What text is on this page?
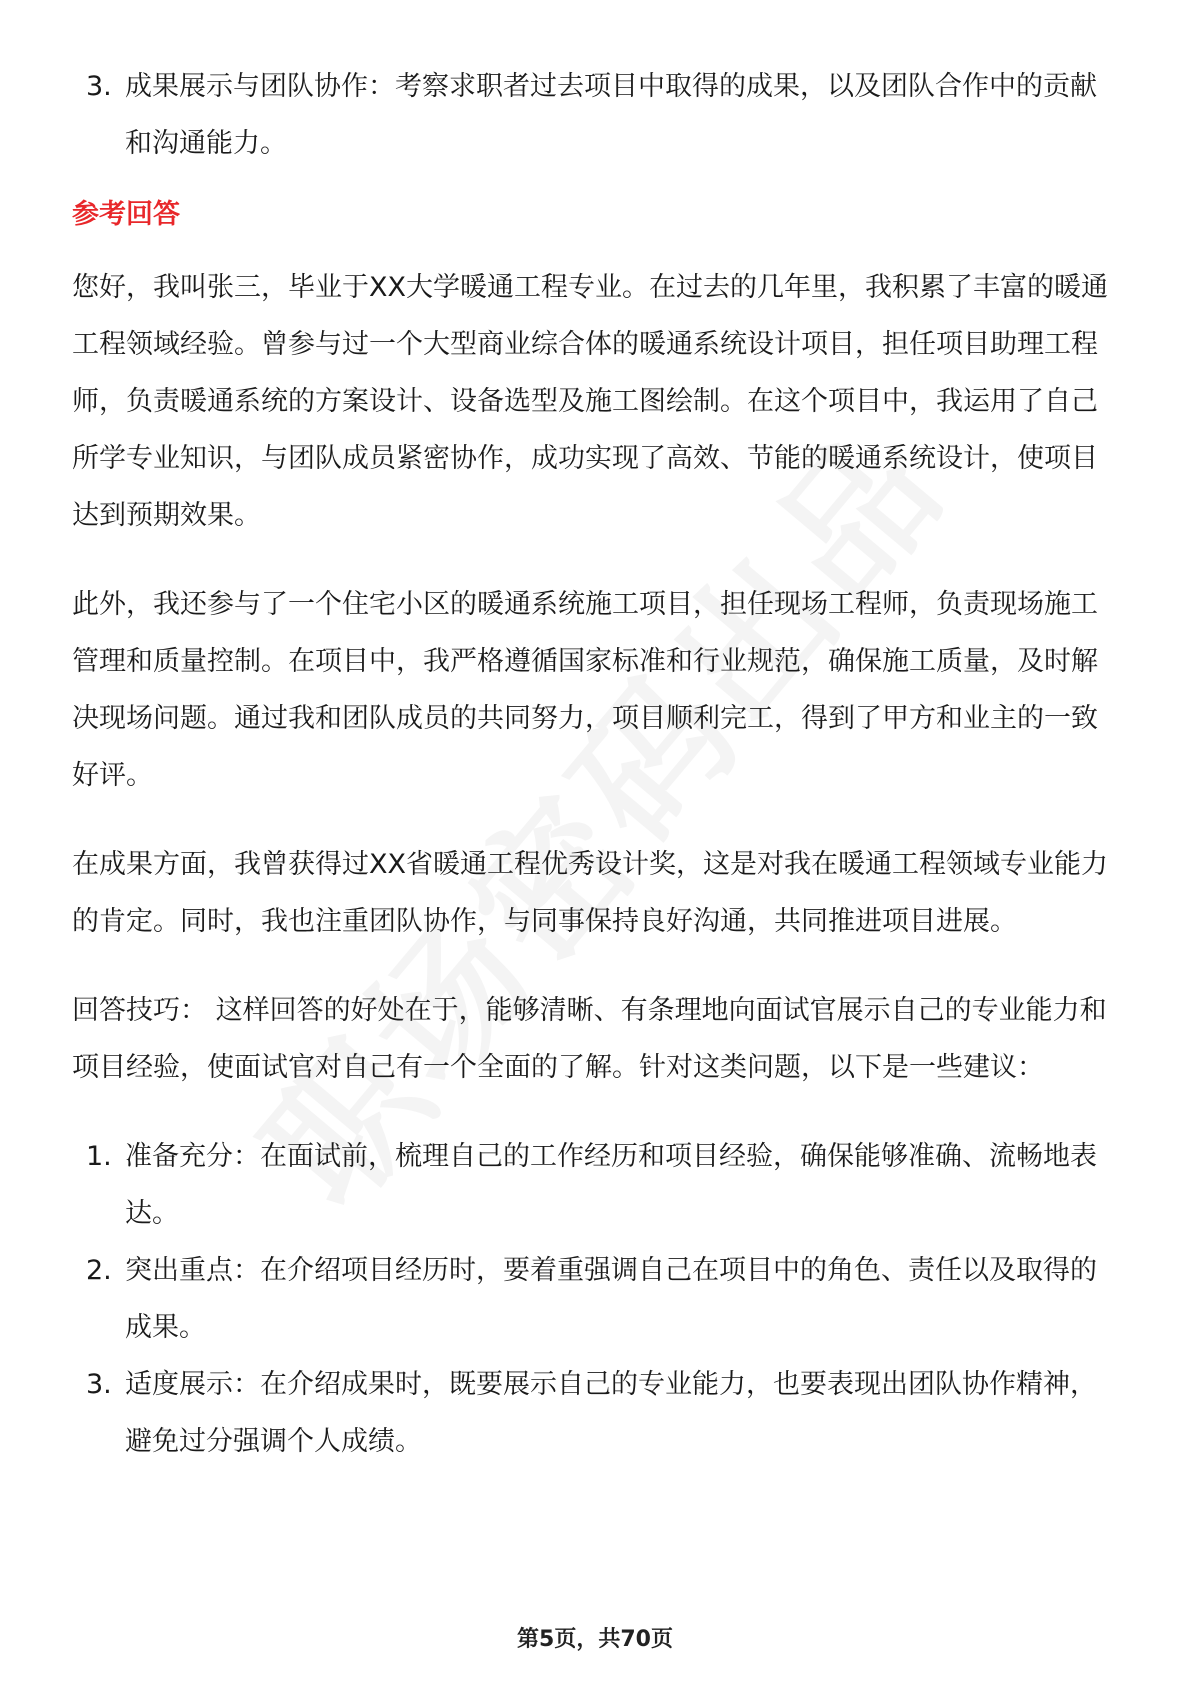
3. 成果展示与团队协作：考察求职者过去项目中取得的成果，以及团队合作中的贡献和沟通能力。
参考回答

您好，我叫张三，毕业于XX大学暖通工程专业。在过去的几年里，我积累了丰富的暖通工程领域经验。曾参与过一个大型商业综合体的暖通系统设计项目，担任项目助理工程师，负责暖通系统的方案设计、设备选型及施工图绘制。在这个项目中，我运用了自己所学专业知识，与团队成员紧密协作，成功实现了高效、节能的暖通系统设计，使项目达到预期效果。

此外，我还参与了一个住宅小区的暖通系统施工项目，担任现场工程师，负责现场施工管理和质量控制。在项目中，我严格遵循国家标准和行业规范，确保施工质量，及时解决现场问题。通过我和团队成员的共同努力，项目顺利完工，得到了甲方和业主的一致好评。

在成果方面，我曾获得过XX省暖通工程优秀设计奖，这是对我在暖通工程领域专业能力的肯定。同时，我也注重团队协作，与同事保持良好沟通，共同推进项目进展。

回答技巧： 这样回答的好处在于，能够清晰、有条理地向面试官展示自己的专业能力和项目经验，使面试官对自己有一个全面的了解。针对这类问题，以下是一些建议：

1. 准备充分：在面试前，梳理自己的工作经历和项目经验，确保能够准确、流畅地表达。
2. 突出重点：在介绍项目经历时，要着重强调自己在项目中的角色、责任以及取得的成果。
3. 适度展示：在介绍成果时，既要展示自己的专业能力，也要表现出团队协作精神，避免过分强调个人成绩。
第5页，共70页
